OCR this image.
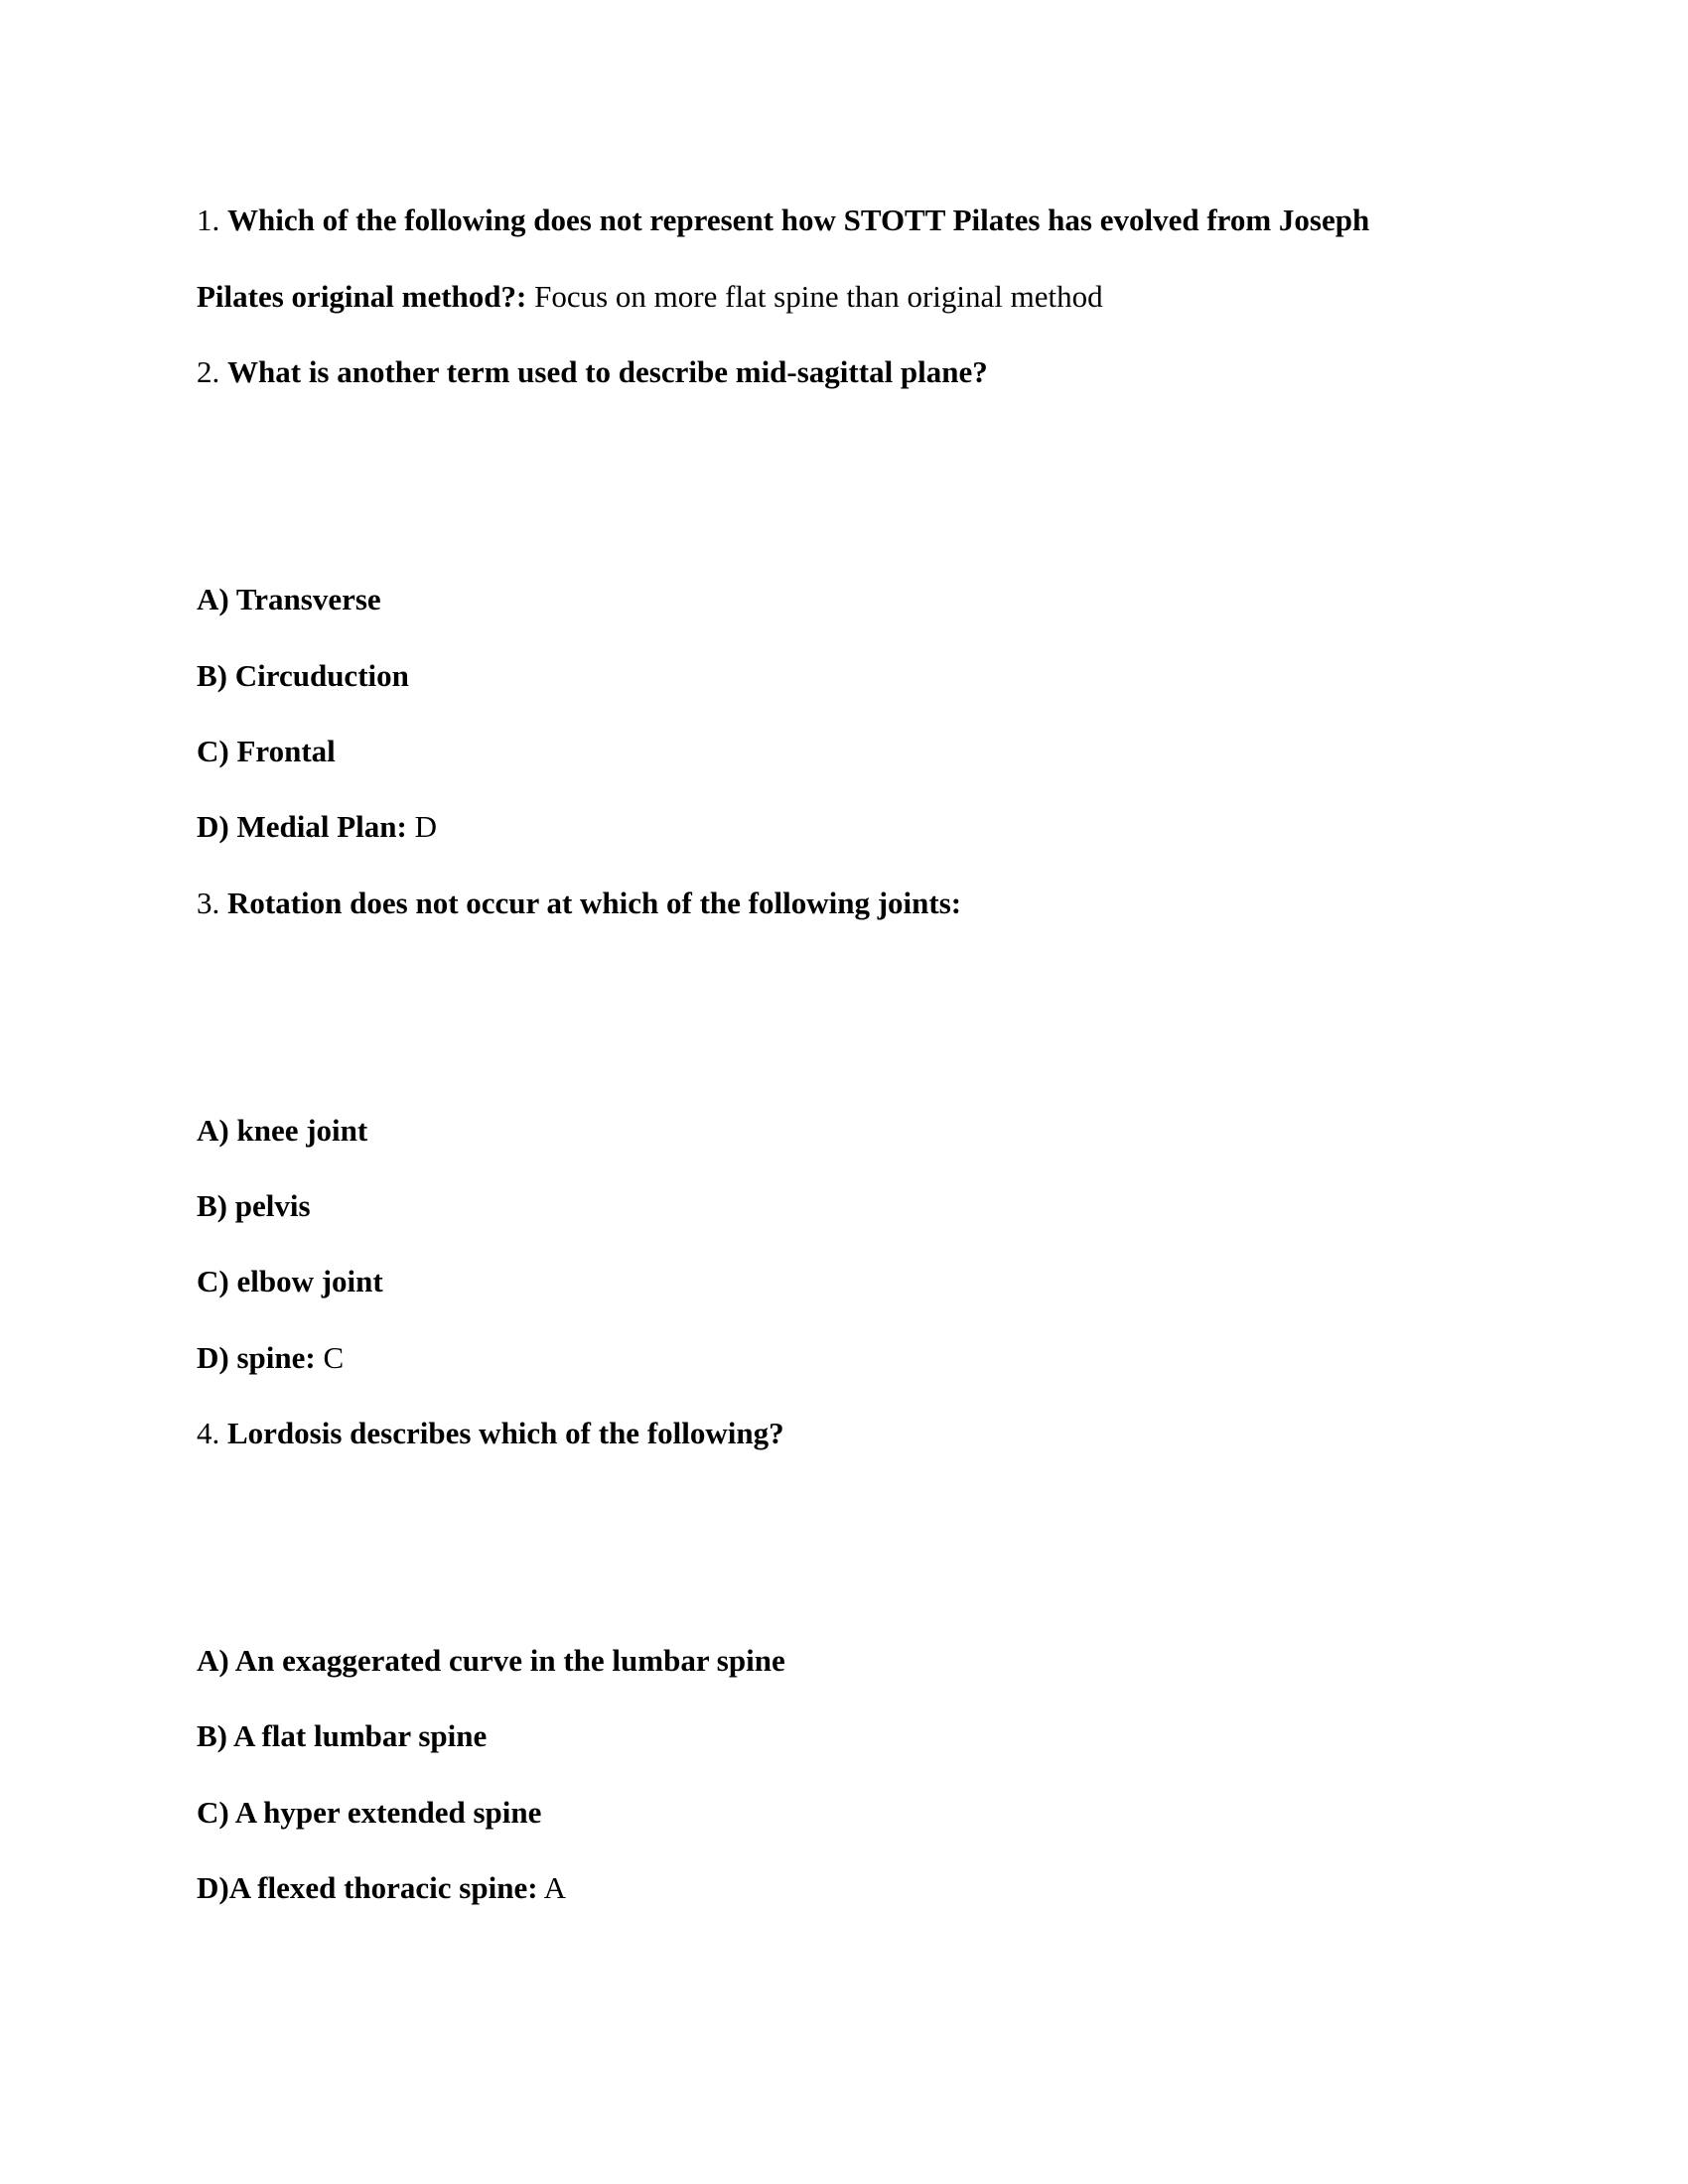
1. Which of the following does not represent how STOTT Pilates has evolved from Joseph
Pilates original method?: Focus on more flat spine than original method
2. What is another term used to describe mid-sagittal plane?
A) Transverse
B) Circuduction
C) Frontal
D) Medial Plan: D
3. Rotation does not occur at which of the following joints:
A) knee joint
B) pelvis
C) elbow joint
D) spine: C
4. Lordosis describes which of the following?
A) An exaggerated curve in the lumbar spine
B) A flat lumbar spine
C) A hyper extended spine
D)A flexed thoracic spine: A
